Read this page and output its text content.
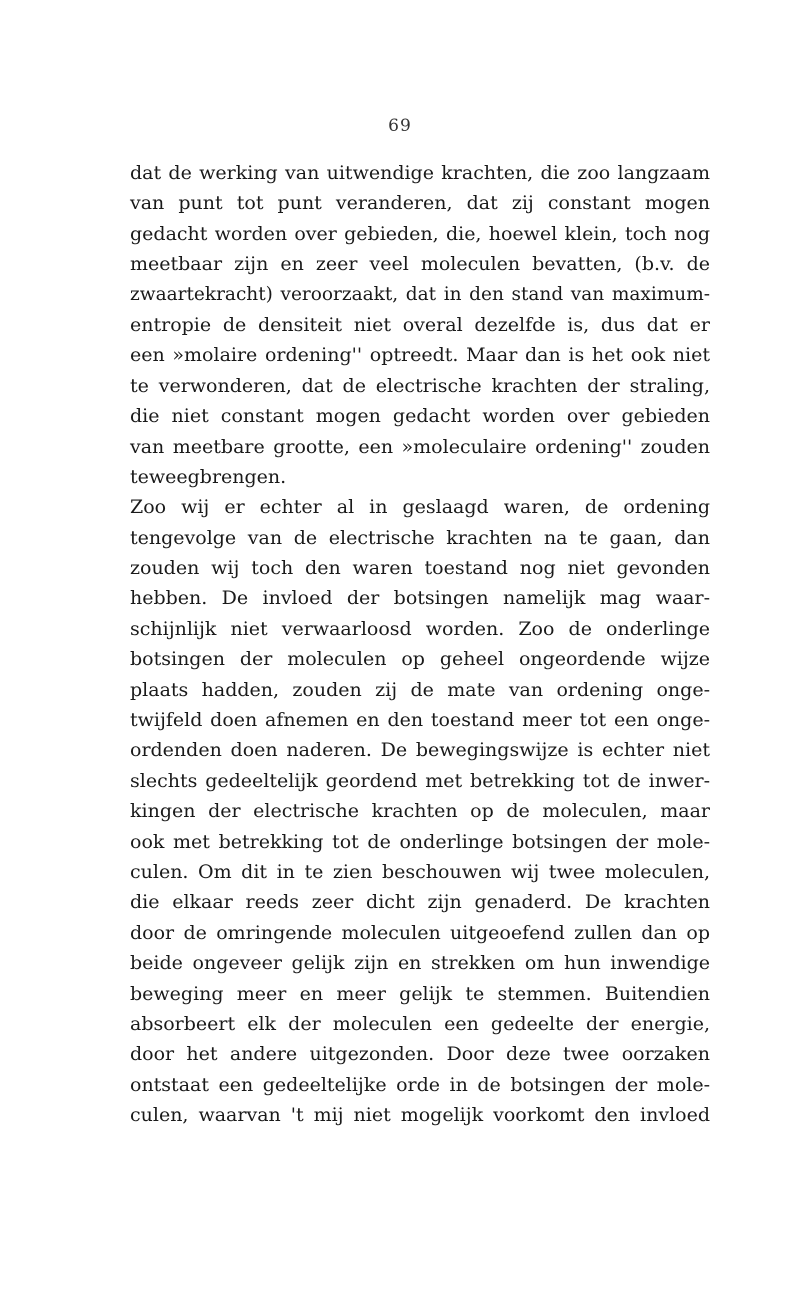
69
dat de werking van uitwendige krachten, die zoo langzaam
van punt tot punt veranderen, dat zij constant mogen
gedacht worden over gebieden, die, hoewel klein, toch nog
meetbaar zijn en zeer veel moleculen bevatten, (b.v. de
zwaartekracht) veroorzaakt, dat in den stand van maximum-
entropie de densiteit niet overal dezelfde is, dus dat er
een »molaire ordening'' optreedt. Maar dan is het ook niet
te verwonderen, dat de electrische krachten der straling,
die niet constant mogen gedacht worden over gebieden
van meetbare grootte, een »moleculaire ordening'' zouden
teweegbrengen.
Zoo wij er echter al in geslaagd waren, de ordening
tengevolge van de electrische krachten na te gaan, dan
zouden wij toch den waren toestand nog niet gevonden
hebben. De invloed der botsingen namelijk mag waar-
schijnlijk niet verwaarloosd worden. Zoo de onderlinge
botsingen der moleculen op geheel ongeordende wijze
plaats hadden, zouden zij de mate van ordening onge-
twijfeld doen afnemen en den toestand meer tot een onge-
ordenden doen naderen. De bewegingswijze is echter niet
slechts gedeeltelijk geordend met betrekking tot de inwer-
kingen der electrische krachten op de moleculen, maar
ook met betrekking tot de onderlinge botsingen der mole-
culen. Om dit in te zien beschouwen wij twee moleculen,
die elkaar reeds zeer dicht zijn genaderd. De krachten
door de omringende moleculen uitgeoefend zullen dan op
beide ongeveer gelijk zijn en strekken om hun inwendige
beweging meer en meer gelijk te stemmen. Buitendien
absorbeert elk der moleculen een gedeelte der energie,
door het andere uitgezonden. Door deze twee oorzaken
ontstaat een gedeeltelijke orde in de botsingen der mole-
culen, waarvan 't mij niet mogelijk voorkomt den invloed
